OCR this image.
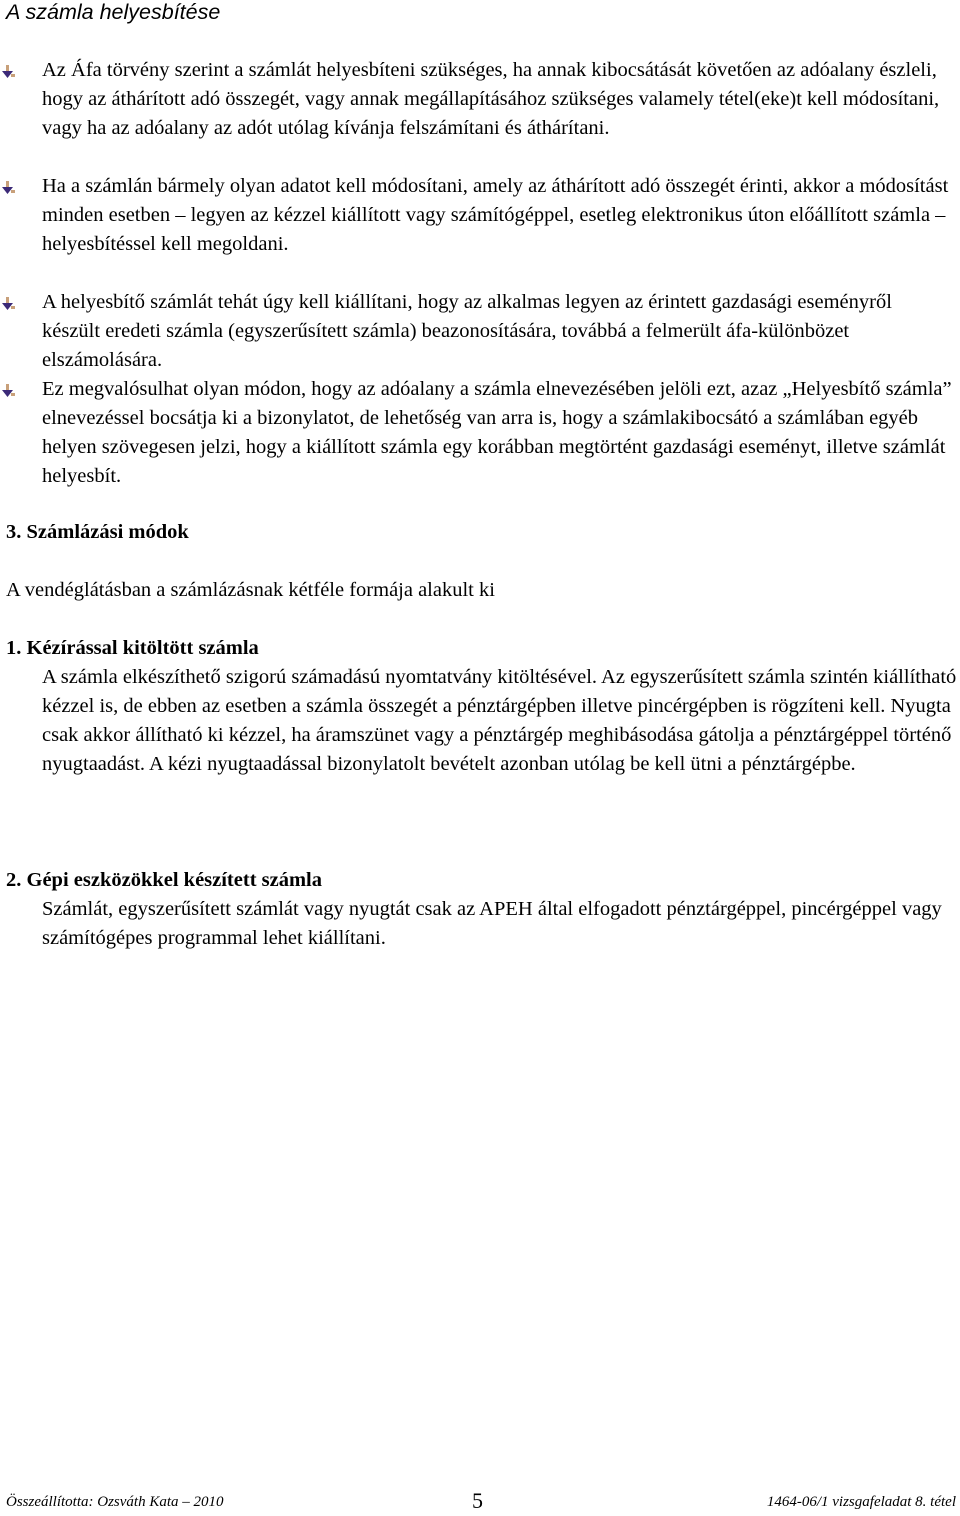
A számla helyesbítése
Az Áfa törvény szerint a számlát helyesbíteni szükséges, ha annak kibocsátását követően az adóalany észleli, hogy az áthárított adó összegét, vagy annak megállapításához szükséges valamely tétel(eke)t kell módosítani, vagy ha az adóalany az adót utólag kívánja felszámítani és áthárítani.
Ha a számlán bármely olyan adatot kell módosítani, amely az áthárított adó összegét érinti, akkor a módosítást minden esetben – legyen az kézzel kiállított vagy számítógéppel, esetleg elektronikus úton előállított számla – helyesbítéssel kell megoldani.
A helyesbítő számlát tehát úgy kell kiállítani, hogy az alkalmas legyen az érintett gazdasági eseményről készült eredeti számla (egyszerűsített számla) beazonosítására, továbbá a felmerült áfa-különbözet elszámolására.
Ez megvalósulhat olyan módon, hogy az adóalany a számla elnevezésében jelöli ezt, azaz „Helyesbítő számla” elnevezéssel bocsátja ki a bizonylatot, de lehetőség van arra is, hogy a számlakibocsátó a számlában egyéb helyen szövegesen jelzi, hogy a kiállított számla egy korábban megtörtént gazdasági eseményt, illetve számlát helyesbít.
3. Számlázási módok

A vendéglátásban a számlázásnak kétféle formája alakult ki

1. Kézírással kitöltött számla

A számla elkészíthető szigorú számadású nyomtatvány kitöltésével. Az egyszerűsített számla szintén kiállítható kézzel is, de ebben az esetben a számla összegét a pénztárgépben illetve pincérgépben is rögzíteni kell. Nyugta csak akkor állítható ki kézzel, ha áramszünet vagy a pénztárgép meghibásodása gátolja a pénztárgéppel történő nyugtaadást. A kézi nyugtaadással bizonylatolt bevételt azonban utólag be kell ütni a pénztárgépbe.

2. Gépi eszközökkel készített számla

Számlát, egyszerűsített számlát vagy nyugtát csak az APEH által elfogadott pénztárgéppel, pincérgéppel vagy számítógépes programmal lehet kiállítani.

Összeállította: Ozsváth Kata – 2010	5	1464-06/1 vizsgafeladat 8. tétel
